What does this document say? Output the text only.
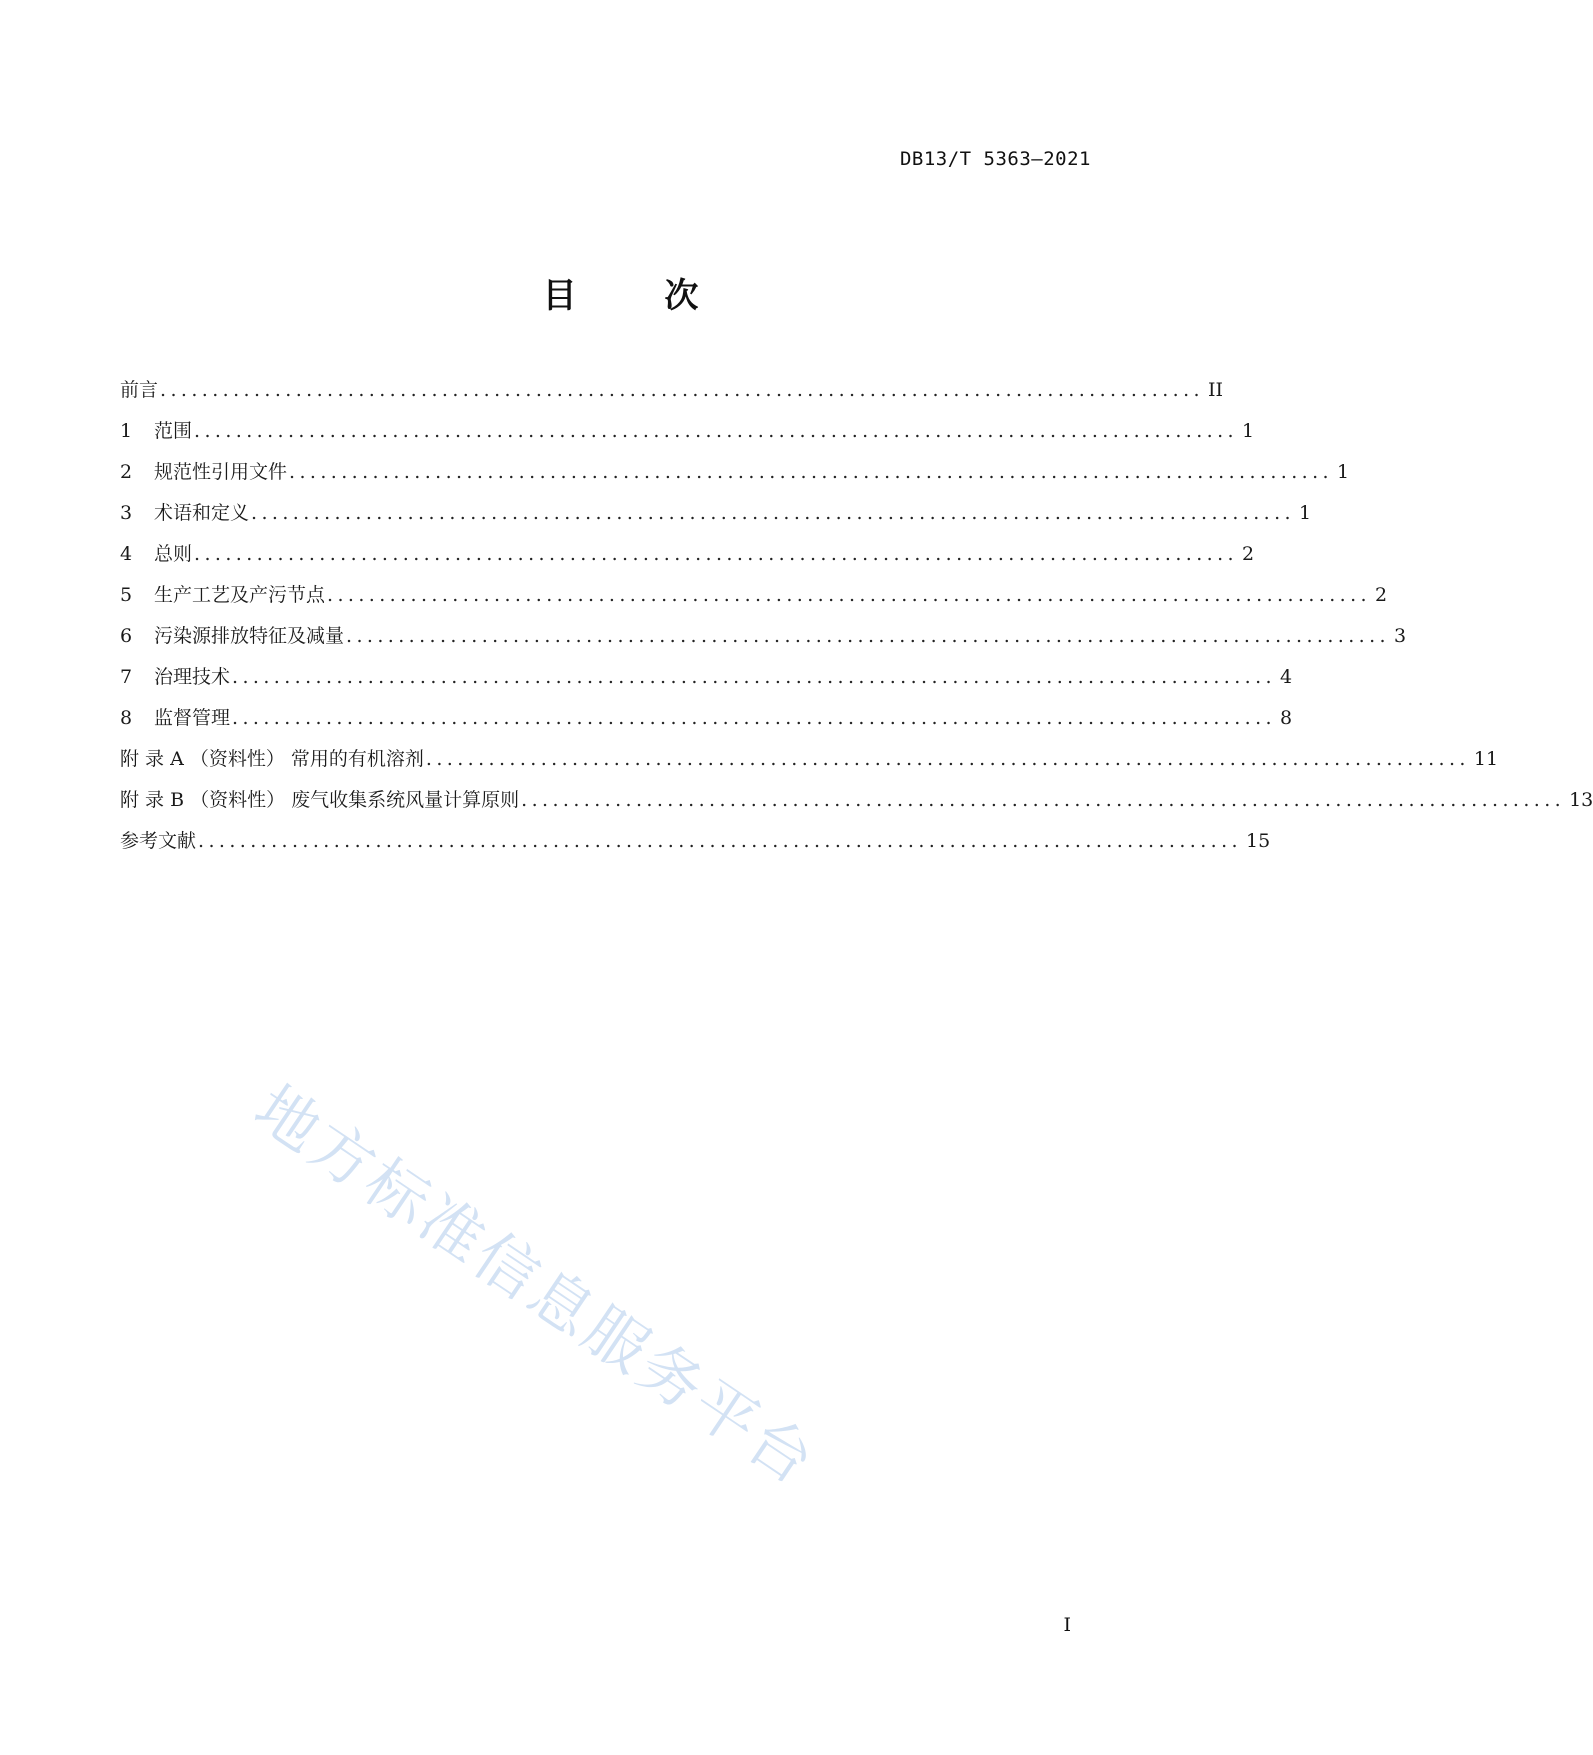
DB13/T 5363—2021
目 次
前言 .................................................................................................... II
1	范围 .................................................................................................... 1
2	规范性引用文件 .................................................................................................... 1
3	术语和定义 .................................................................................................... 1
4	总则 .................................................................................................... 2
5	生产工艺及产污节点 .................................................................................................... 2
6	污染源排放特征及减量 .................................................................................................... 3
7	治理技术 .................................................................................................... 4
8	监督管理 .................................................................................................... 8
附 录 A （资料性） 常用的有机溶剂 .................................................................................................... 11
附 录 B （资料性） 废气收集系统风量计算原则 .................................................................................................... 13
参考文献 .................................................................................................... 15
地方标准信息服务平台
I
